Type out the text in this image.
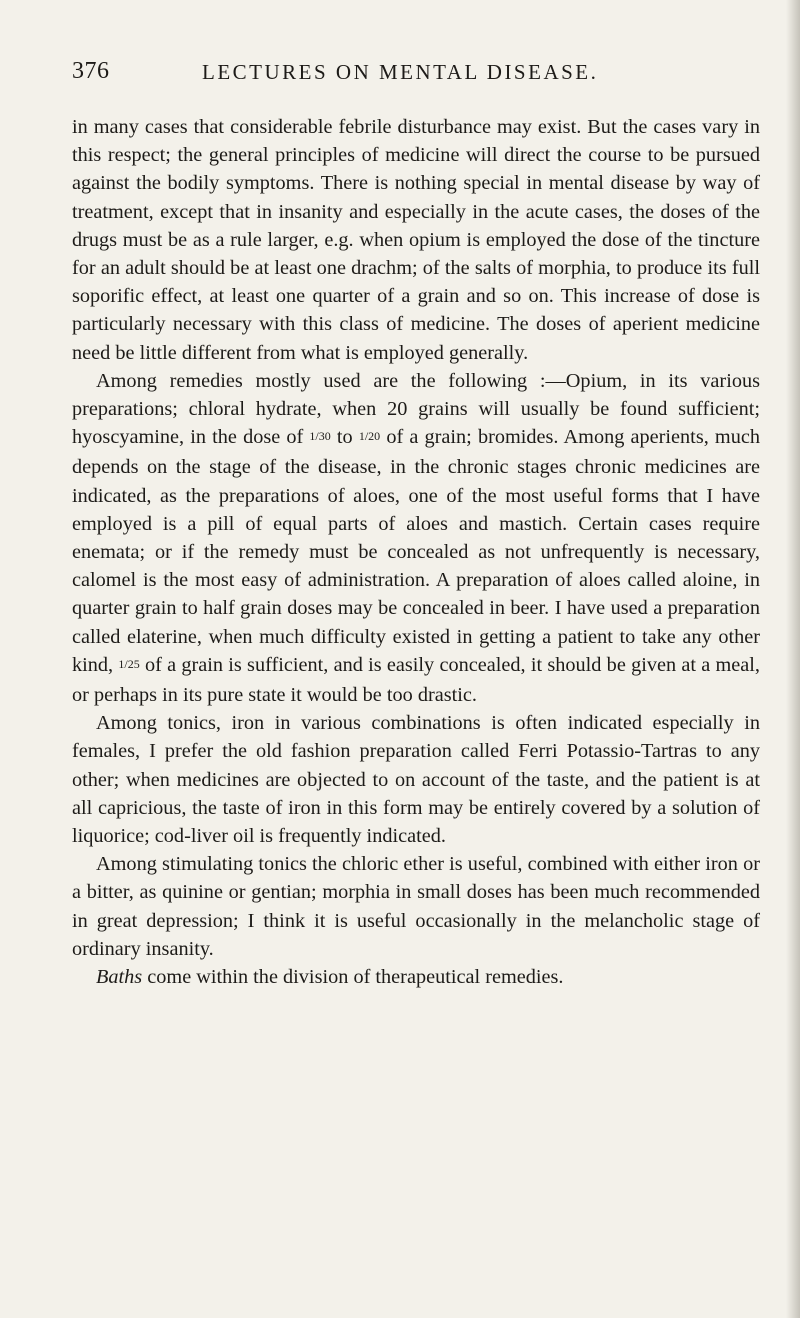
376	LECTURES ON MENTAL DISEASE.

in many cases that considerable febrile disturbance may exist. But the cases vary in this respect; the general principles of medicine will direct the course to be pursued against the bodily symptoms. There is nothing special in mental disease by way of treatment, except that in insanity and especially in the acute cases, the doses of the drugs must be as a rule larger, e.g. when opium is employed the dose of the tincture for an adult should be at least one drachm; of the salts of morphia, to produce its full soporific effect, at least one quarter of a grain and so on. This increase of dose is particularly necessary with this class of medicine. The doses of aperient medicine need be little different from what is employed generally.

Among remedies mostly used are the following :—Opium, in its various preparations; chloral hydrate, when 20 grains will usually be found sufficient; hyoscyamine, in the dose of 1/30 to 1/20 of a grain; bromides. Among aperients, much depends on the stage of the disease, in the chronic stages chronic medicines are indicated, as the preparations of aloes, one of the most useful forms that I have employed is a pill of equal parts of aloes and mastich. Certain cases require enemata; or if the remedy must be concealed as not unfrequently is necessary, calomel is the most easy of administration. A preparation of aloes called aloine, in quarter grain to half grain doses may be concealed in beer. I have used a preparation called elaterine, when much difficulty existed in getting a patient to take any other kind, 1/25 of a grain is sufficient, and is easily concealed, it should be given at a meal, or perhaps in its pure state it would be too drastic.

Among tonics, iron in various combinations is often indicated especially in females, I prefer the old fashion preparation called Ferri Potassio-Tartras to any other; when medicines are objected to on account of the taste, and the patient is at all capricious, the taste of iron in this form may be entirely covered by a solution of liquorice; cod-liver oil is frequently indicated.

Among stimulating tonics the chloric ether is useful, combined with either iron or a bitter, as quinine or gentian; morphia in small doses has been much recommended in great depression; I think it is useful occasionally in the melancholic stage of ordinary insanity.

Baths come within the division of therapeutical remedies.
